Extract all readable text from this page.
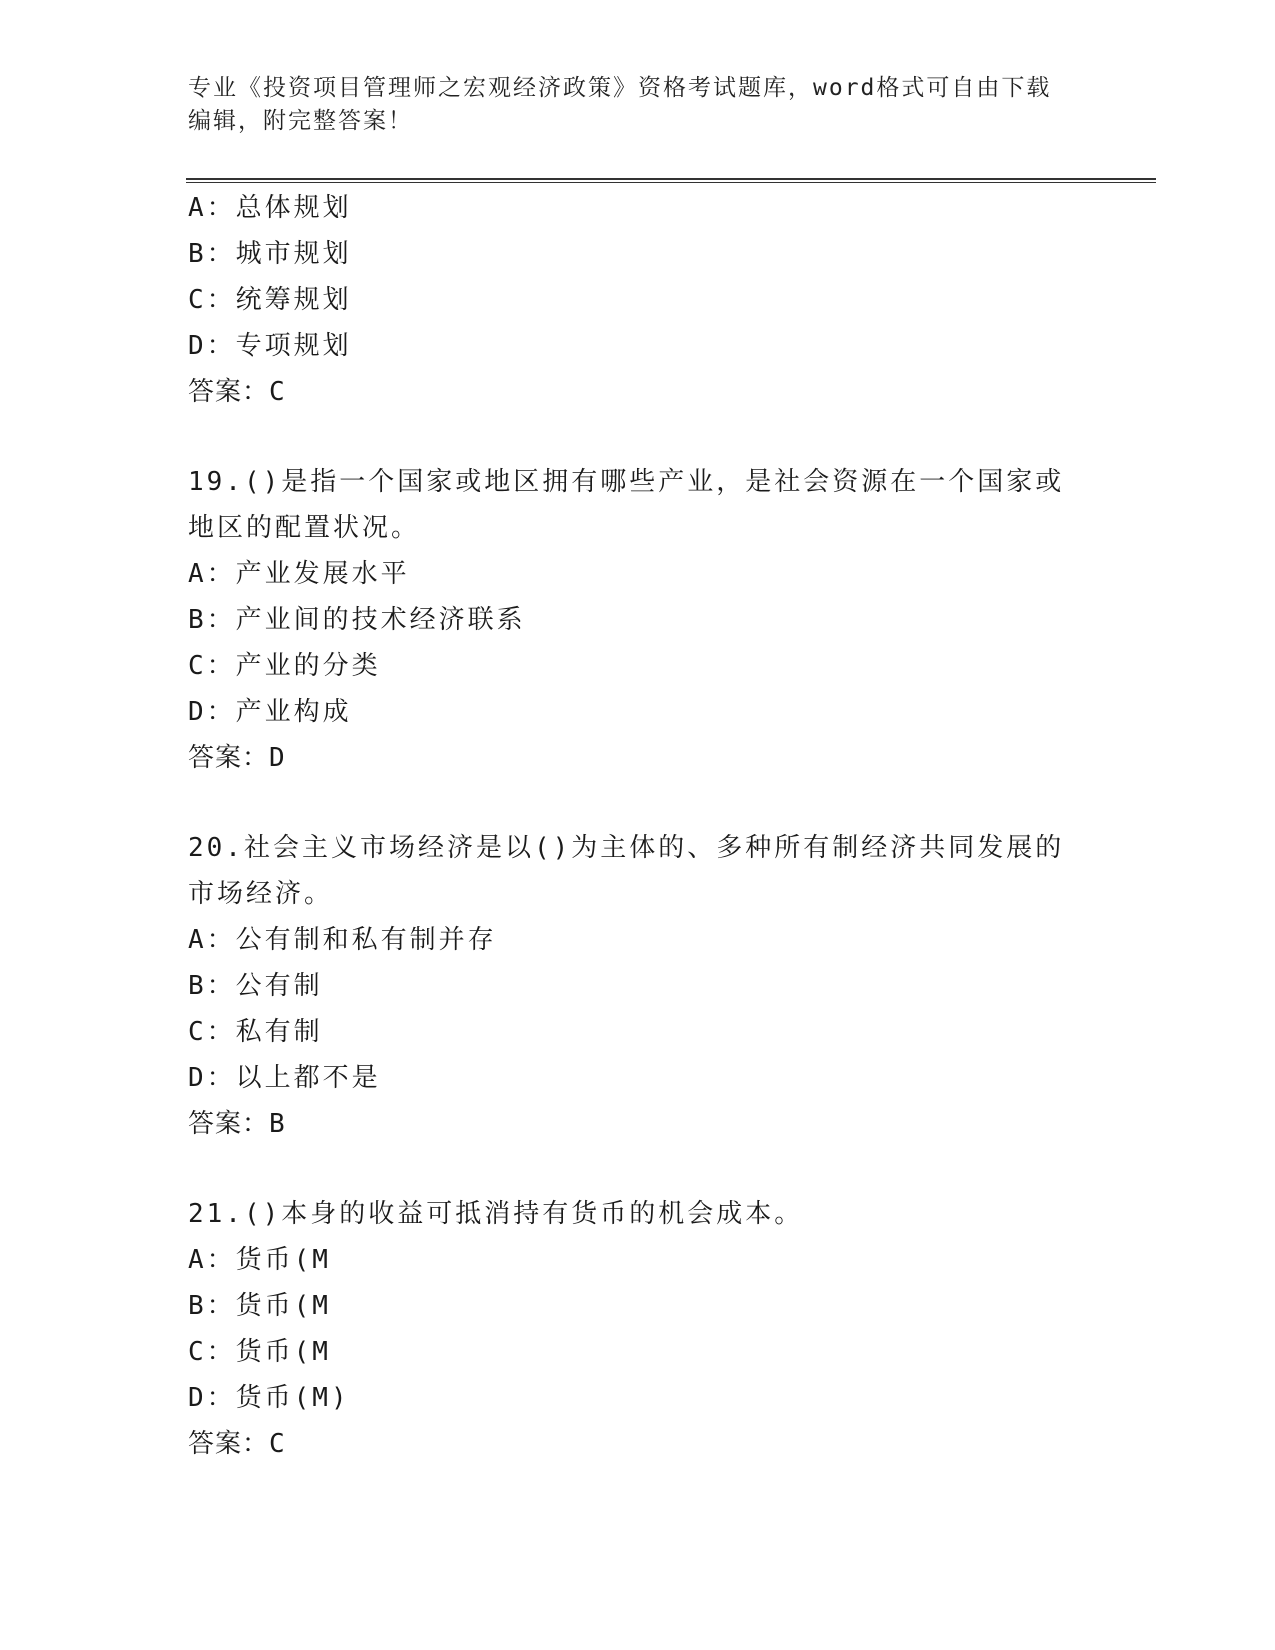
专业《投资项目管理师之宏观经济政策》资格考试题库，word格式可自由下载编辑，附完整答案！
A：总体规划
B：城市规划
C：统筹规划
D：专项规划
答案：C
19.()是指一个国家或地区拥有哪些产业，是社会资源在一个国家或地区的配置状况。
A：产业发展水平
B：产业间的技术经济联系
C：产业的分类
D：产业构成
答案：D
20.社会主义市场经济是以()为主体的、多种所有制经济共同发展的市场经济。
A：公有制和私有制并存
B：公有制
C：私有制
D：以上都不是
答案：B
21.()本身的收益可抵消持有货币的机会成本。
A：货币(M
B：货币(M
C：货币(M
D：货币(M)
答案：C
